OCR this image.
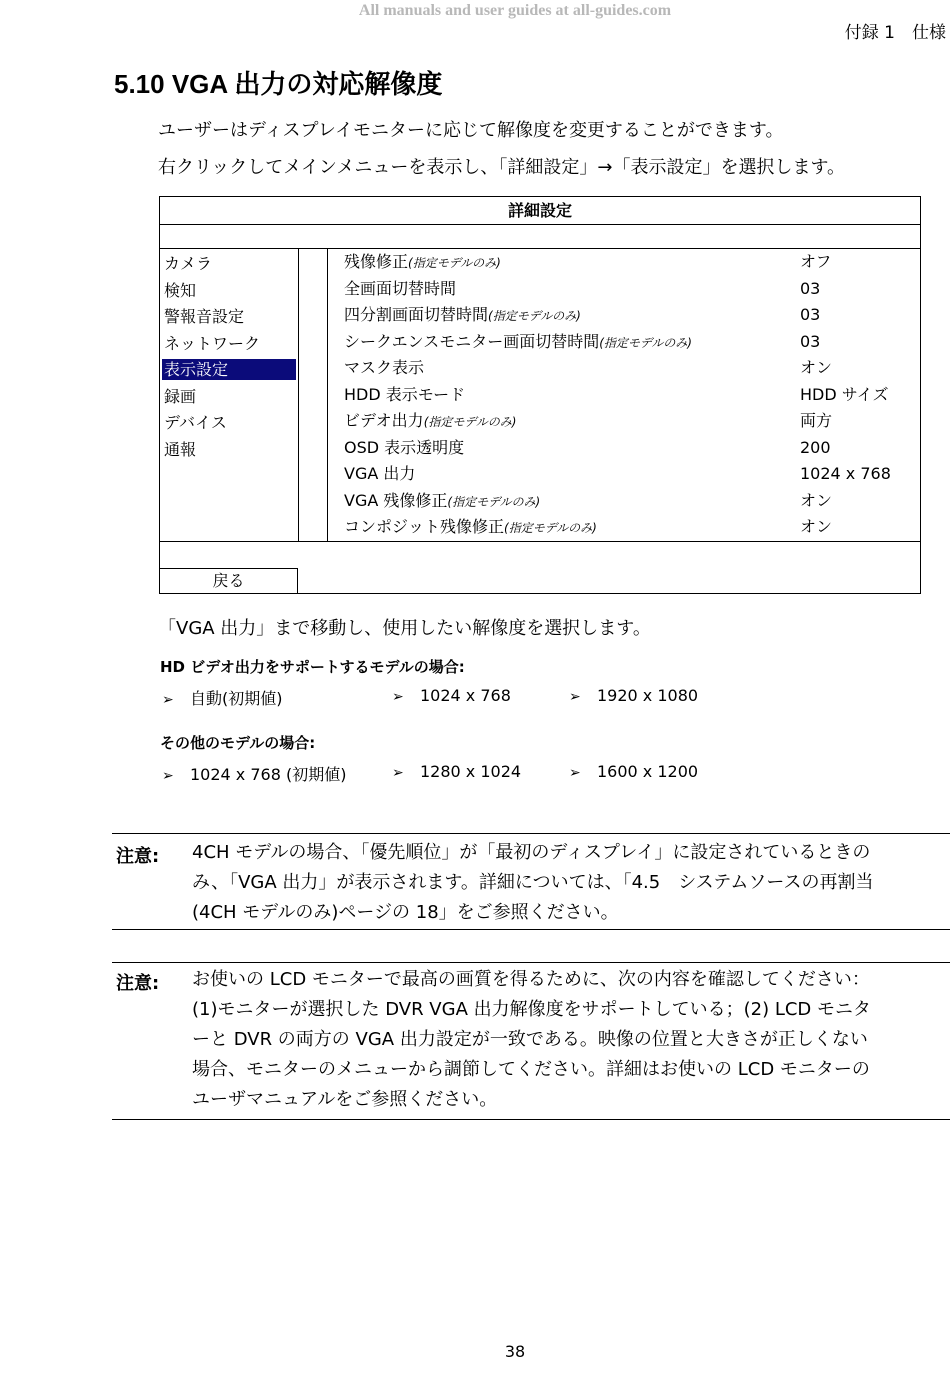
All manuals and user guides at all-guides.com
付録 1　仕様
5.10 VGA 出力の対応解像度
ユーザーはディスプレイモニターに応じて解像度を変更することができます。
右クリックしてメインメニューを表示し、「詳細設定」→「表示設定」を選択します。
詳細設定
カメラ
検知
警報音設定
ネットワーク
表示設定
録画
デバイス
通報
残像修正(指定モデルのみ)	オフ
全画面切替時間	03
四分割画面切替時間(指定モデルのみ)	03
シークエンスモニター画面切替時間(指定モデルのみ)	03
マスク表示	オン
HDD 表示モード	HDD サイズ
ビデオ出力(指定モデルのみ)	両方
OSD 表示透明度	200
VGA 出力	1024 x 768
VGA 残像修正(指定モデルのみ)	オン
コンポジット残像修正(指定モデルのみ)	オン
戻る
「VGA 出力」まで移動し、使用したい解像度を選択します。
HD ビデオ出力をサポートするモデルの場合:
➢ 自動(初期値)	➢ 1024 x 768	➢ 1920 x 1080
その他のモデルの場合:
➢ 1024 x 768 (初期値)	➢ 1280 x 1024	➢ 1600 x 1200
注意: 4CH モデルの場合、「優先順位」が「最初のディスプレイ」に設定されているときの
み、「VGA 出力」が表示されます。詳細については、「4.5　システムソースの再割当
(4CH モデルのみ)ページの 18」をご参照ください。
注意: お使いの LCD モニターで最高の画質を得るために、次の内容を確認してください：
(1)モニターが選択した DVR VGA 出力解像度をサポートしている；(2) LCD モニタ
ーと DVR の両方の VGA 出力設定が一致である。映像の位置と大きさが正しくない
場合、モニターのメニューから調節してください。詳細はお使いの LCD モニターの
ユーザマニュアルをご参照ください。
38
